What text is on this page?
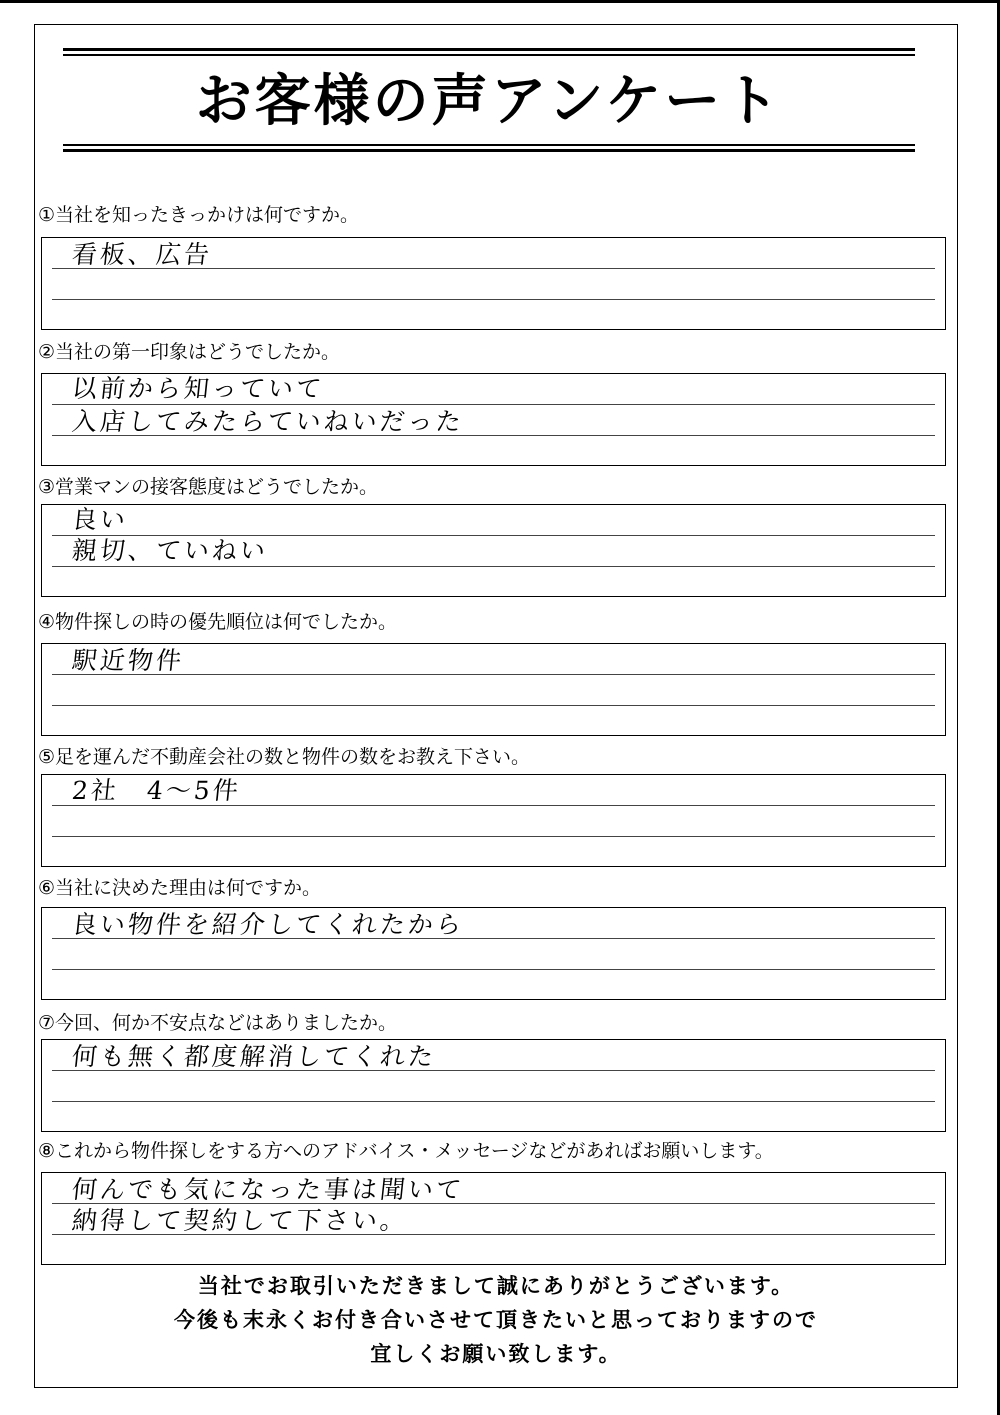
お客様の声アンケート
①当社を知ったきっかけは何ですか。
看板、広告
②当社の第一印象はどうでしたか。
以前から知っていて
入店してみたらていねいだった
③営業マンの接客態度はどうでしたか。
良い
親切、ていねい
④物件探しの時の優先順位は何でしたか。
駅近物件
⑤足を運んだ不動産会社の数と物件の数をお教え下さい。
2社　4～5件
⑥当社に決めた理由は何ですか。
良い物件を紹介してくれたから
⑦今回、何か不安点などはありましたか。
何も無く都度解消してくれた
⑧これから物件探しをする方へのアドバイス・メッセージなどがあればお願いします。
何んでも気になった事は聞いて
納得して契約して下さい。
当社でお取引いただきまして誠にありがとうございます。
今後も末永くお付き合いさせて頂きたいと思っておりますので
宜しくお願い致します。
